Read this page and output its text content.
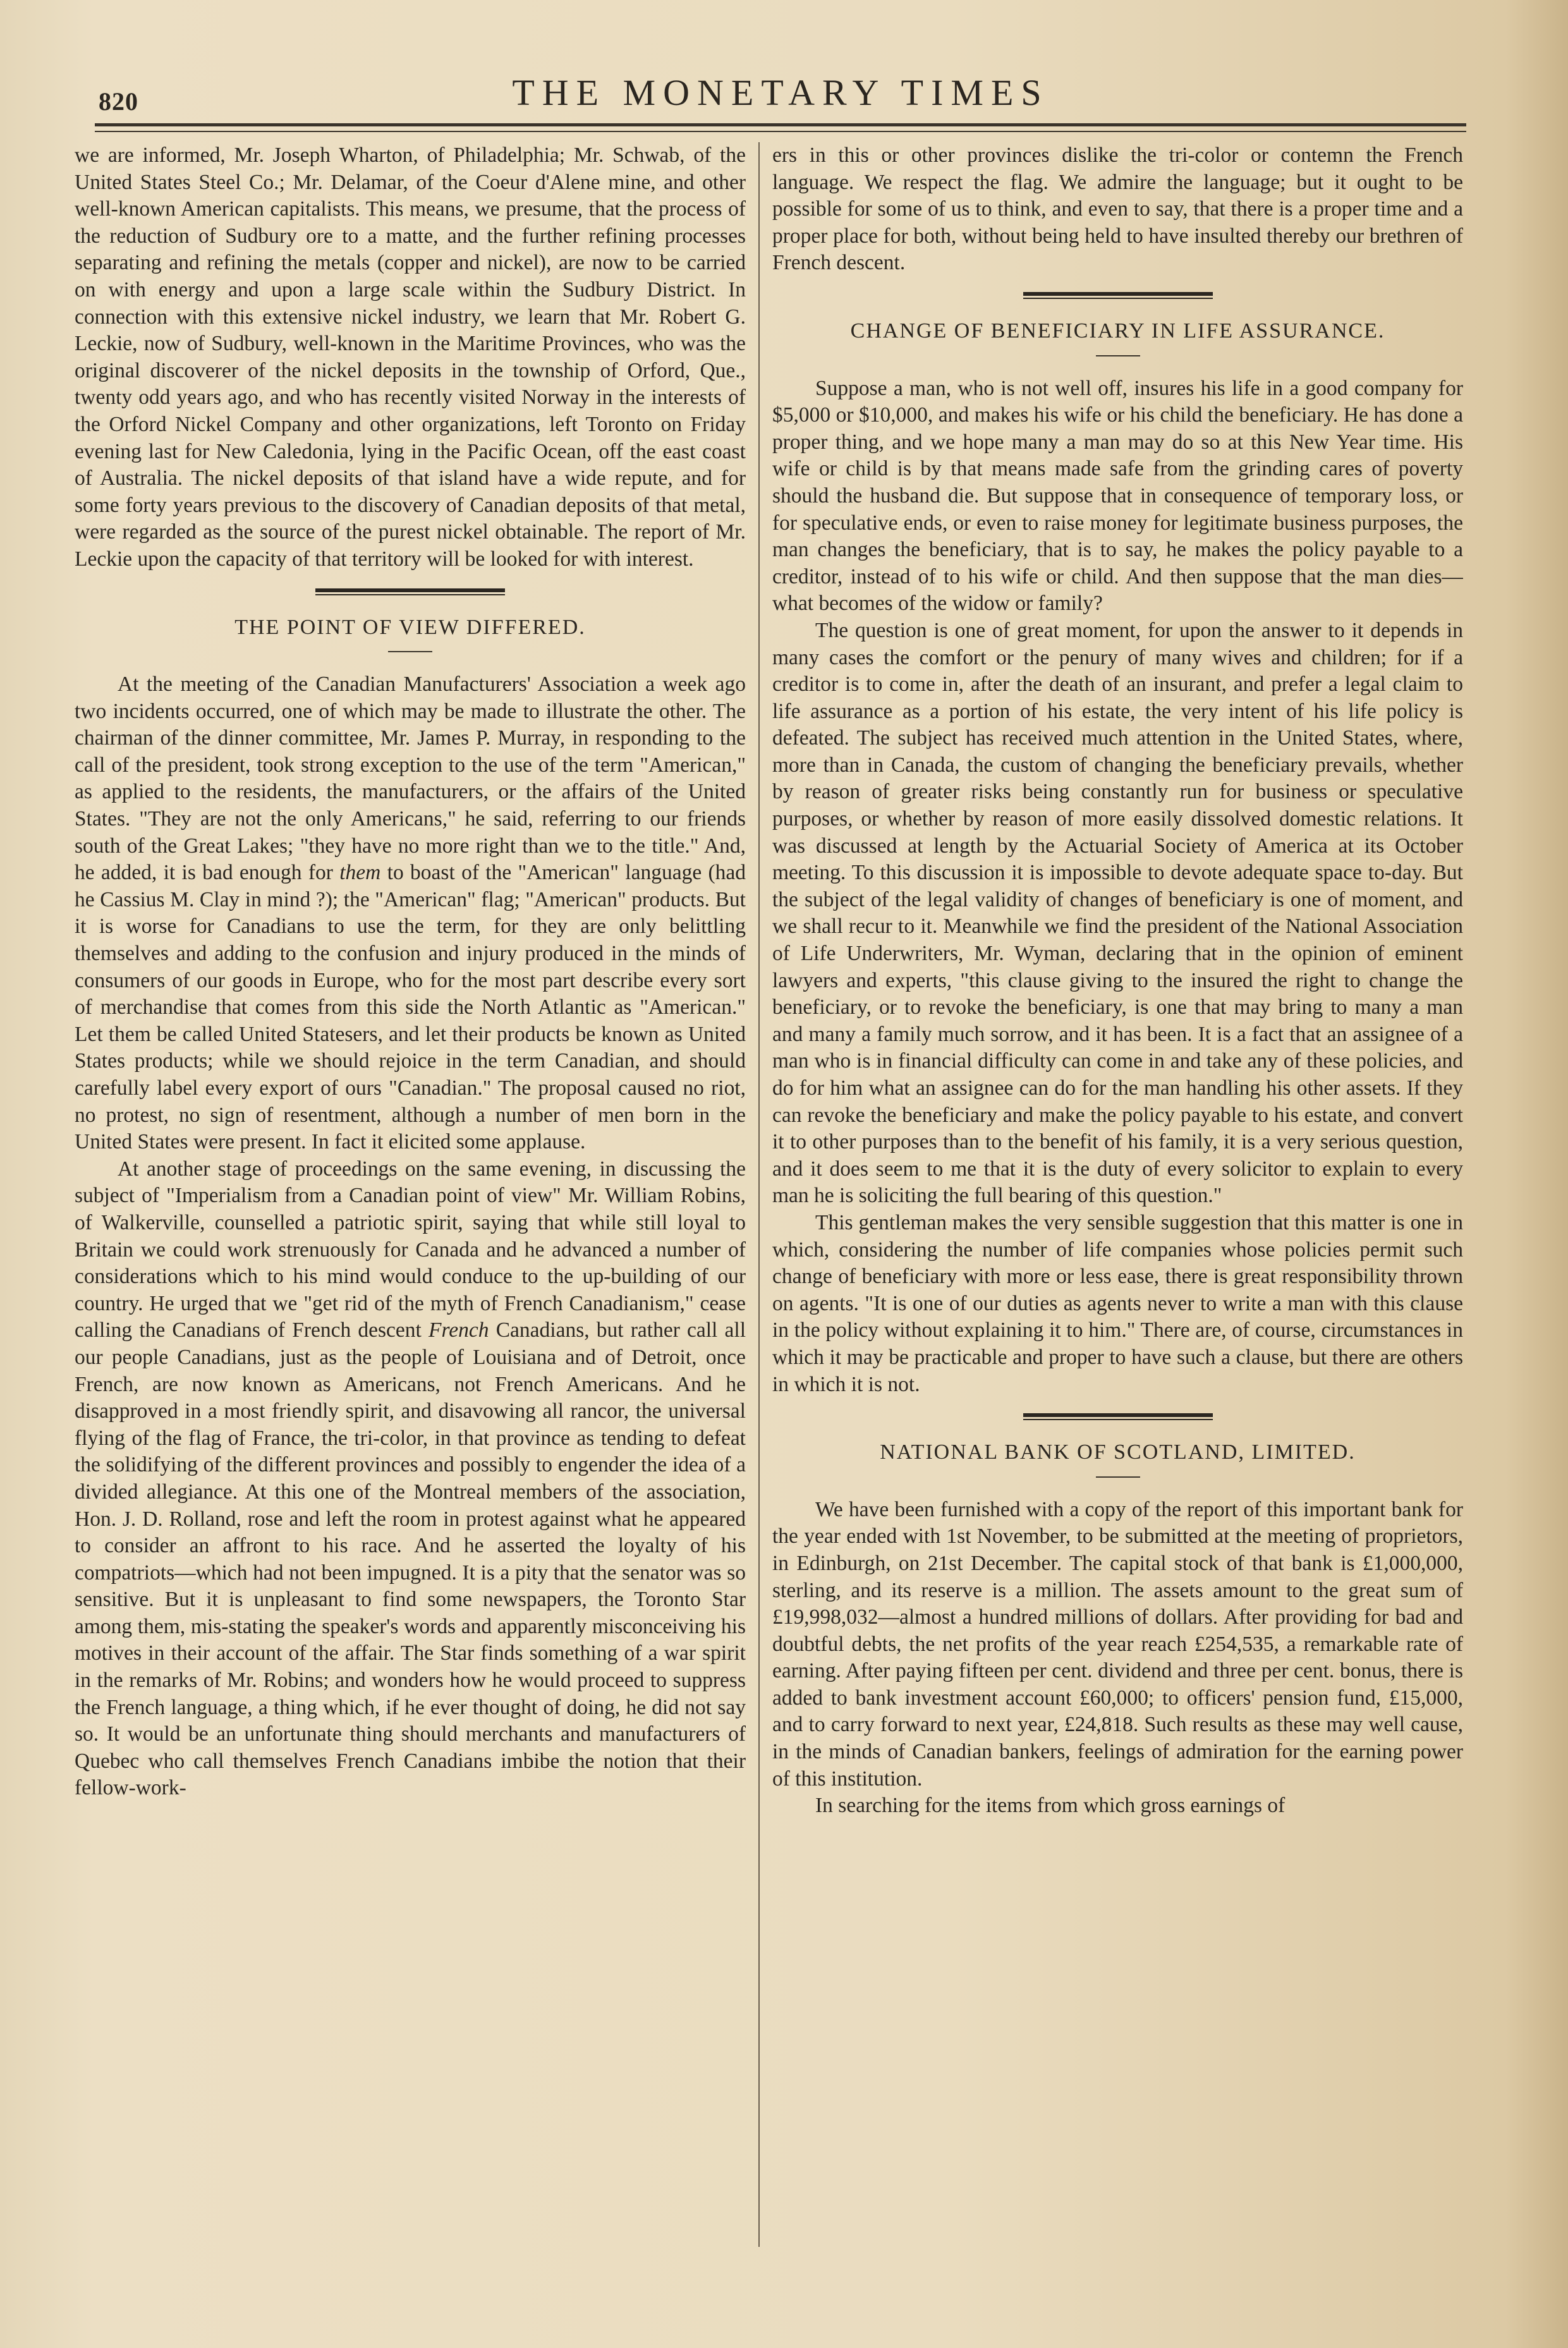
820	THE MONETARY TIMES

we are informed, Mr. Joseph Wharton, of Philadelphia; Mr. Schwab, of the United States Steel Co.; Mr. Delamar, of the Coeur d'Alene mine, and other well-known American capitalists. This means, we presume, that the process of the reduction of Sudbury ore to a matte, and the further refining processes separating and refining the metals (copper and nickel), are now to be carried on with energy and upon a large scale within the Sudbury District. In connection with this extensive nickel industry, we learn that Mr. Robert G. Leckie, now of Sudbury, well-known in the Maritime Provinces, who was the original discoverer of the nickel deposits in the township of Orford, Que., twenty odd years ago, and who has recently visited Norway in the interests of the Orford Nickel Company and other organizations, left Toronto on Friday evening last for New Caledonia, lying in the Pacific Ocean, off the east coast of Australia. The nickel deposits of that island have a wide repute, and for some forty years previous to the discovery of Canadian deposits of that metal, were regarded as the source of the purest nickel obtainable. The report of Mr. Leckie upon the capacity of that territory will be looked for with interest.

THE POINT OF VIEW DIFFERED.

At the meeting of the Canadian Manufacturers' Association a week ago two incidents occurred, one of which may be made to illustrate the other. The chairman of the dinner committee, Mr. James P. Murray, in responding to the call of the president, took strong exception to the use of the term "American," as applied to the residents, the manufacturers, or the affairs of the United States. "They are not the only Americans," he said, referring to our friends south of the Great Lakes; "they have no more right than we to the title." And, he added, it is bad enough for them to boast of the "American" language (had he Cassius M. Clay in mind ?); the "American" flag; "American" products. But it is worse for Canadians to use the term, for they are only belittling themselves and adding to the confusion and injury produced in the minds of consumers of our goods in Europe, who for the most part describe every sort of merchandise that comes from this side the North Atlantic as "American." Let them be called United Statesers, and let their products be known as United States products; while we should rejoice in the term Canadian, and should carefully label every export of ours "Canadian." The proposal caused no riot, no protest, no sign of resentment, although a number of men born in the United States were present. In fact it elicited some applause.

At another stage of proceedings on the same evening, in discussing the subject of "Imperialism from a Canadian point of view" Mr. William Robins, of Walkerville, counselled a patriotic spirit, saying that while still loyal to Britain we could work strenuously for Canada and he advanced a number of considerations which to his mind would conduce to the up-building of our country. He urged that we "get rid of the myth of French Canadianism," cease calling the Canadians of French descent French Canadians, but rather call all our people Canadians, just as the people of Louisiana and of Detroit, once French, are now known as Americans, not French Americans. And he disapproved in a most friendly spirit, and disavowing all rancor, the universal flying of the flag of France, the tri-color, in that province as tending to defeat the solidifying of the different provinces and possibly to engender the idea of a divided allegiance. At this one of the Montreal members of the association, Hon. J. D. Rolland, rose and left the room in protest against what he appeared to consider an affront to his race. And he asserted the loyalty of his compatriots—which had not been impugned. It is a pity that the senator was so sensitive. But it is unpleasant to find some newspapers, the Toronto Star among them, mis-stating the speaker's words and apparently misconceiving his motives in their account of the affair. The Star finds something of a war spirit in the remarks of Mr. Robins; and wonders how he would proceed to suppress the French language, a thing which, if he ever thought of doing, he did not say so. It would be an unfortunate thing should merchants and manufacturers of Quebec who call themselves French Canadians imbibe the notion that their fellow-work-

ers in this or other provinces dislike the tri-color or contemn the French language. We respect the flag. We admire the language; but it ought to be possible for some of us to think, and even to say, that there is a proper time and a proper place for both, without being held to have insulted thereby our brethren of French descent.

CHANGE OF BENEFICIARY IN LIFE ASSURANCE.

Suppose a man, who is not well off, insures his life in a good company for $5,000 or $10,000, and makes his wife or his child the beneficiary. He has done a proper thing, and we hope many a man may do so at this New Year time. His wife or child is by that means made safe from the grinding cares of poverty should the husband die. But suppose that in consequence of temporary loss, or for speculative ends, or even to raise money for legitimate business purposes, the man changes the beneficiary, that is to say, he makes the policy payable to a creditor, instead of to his wife or child. And then suppose that the man dies—what becomes of the widow or family?

The question is one of great moment, for upon the answer to it depends in many cases the comfort or the penury of many wives and children; for if a creditor is to come in, after the death of an insurant, and prefer a legal claim to life assurance as a portion of his estate, the very intent of his life policy is defeated. The subject has received much attention in the United States, where, more than in Canada, the custom of changing the beneficiary prevails, whether by reason of greater risks being constantly run for business or speculative purposes, or whether by reason of more easily dissolved domestic relations. It was discussed at length by the Actuarial Society of America at its October meeting. To this discussion it is impossible to devote adequate space to-day. But the subject of the legal validity of changes of beneficiary is one of moment, and we shall recur to it. Meanwhile we find the president of the National Association of Life Underwriters, Mr. Wyman, declaring that in the opinion of eminent lawyers and experts, "this clause giving to the insured the right to change the beneficiary, or to revoke the beneficiary, is one that may bring to many a man and many a family much sorrow, and it has been. It is a fact that an assignee of a man who is in financial difficulty can come in and take any of these policies, and do for him what an assignee can do for the man handling his other assets. If they can revoke the beneficiary and make the policy payable to his estate, and convert it to other purposes than to the benefit of his family, it is a very serious question, and it does seem to me that it is the duty of every solicitor to explain to every man he is soliciting the full bearing of this question."

This gentleman makes the very sensible suggestion that this matter is one in which, considering the number of life companies whose policies permit such change of beneficiary with more or less ease, there is great responsibility thrown on agents. "It is one of our duties as agents never to write a man with this clause in the policy without explaining it to him." There are, of course, circumstances in which it may be practicable and proper to have such a clause, but there are others in which it is not.

NATIONAL BANK OF SCOTLAND, LIMITED.

We have been furnished with a copy of the report of this important bank for the year ended with 1st November, to be submitted at the meeting of proprietors, in Edinburgh, on 21st December. The capital stock of that bank is £1,000,000, sterling, and its reserve is a million. The assets amount to the great sum of £19,998,032—almost a hundred millions of dollars. After providing for bad and doubtful debts, the net profits of the year reach £254,535, a remarkable rate of earning. After paying fifteen per cent. dividend and three per cent. bonus, there is added to bank investment account £60,000; to officers' pension fund, £15,000, and to carry forward to next year, £24,818. Such results as these may well cause, in the minds of Canadian bankers, feelings of admiration for the earning power of this institution.

In searching for the items from which gross earnings of
